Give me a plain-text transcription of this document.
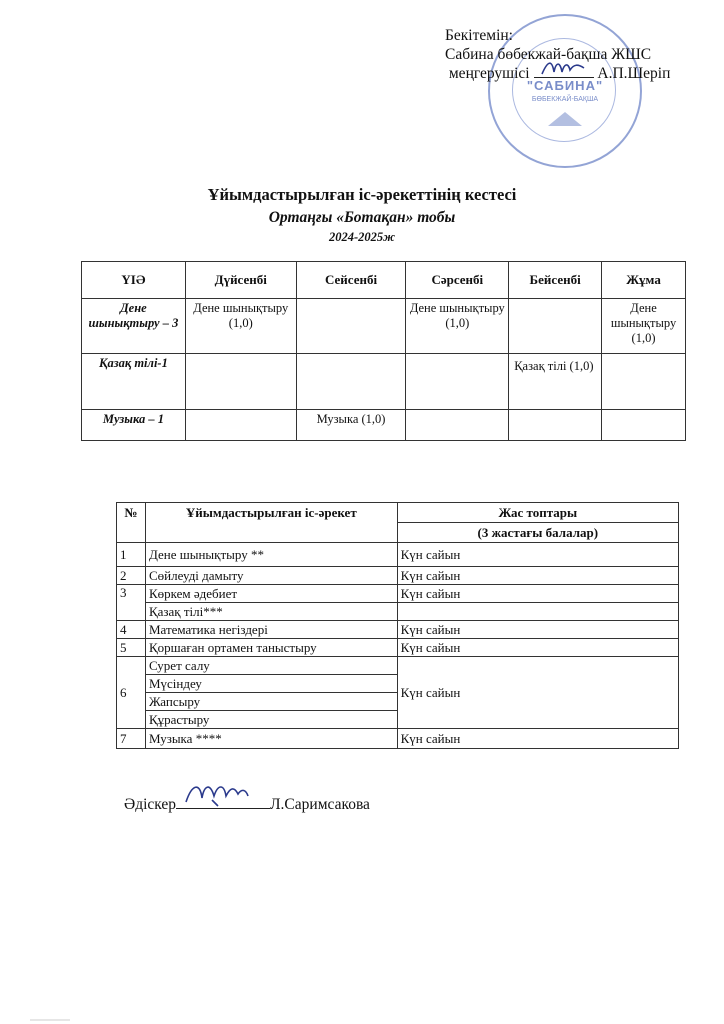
"САБИНА"
БӨБЕКЖАЙ-БАҚША
Бекітемін:
Сабина бөбекжай-бақша ЖШС
меңгерушісі	А.П.Шеріп
Ұйымдастырылған іс-әрекеттінің кестесі
Ортаңғы «Ботақан» тобы
2024-2025ж
ҮІӘ	Дүйсенбі	Сейсенбі	Сәрсенбі	Бейсенбі	Жұма
Дене шынықтыру – 3	Дене шынықтыру (1,0)		Дене шынықтыру (1,0)		Дене шынықтыру (1,0)
Қазақ тілі-1				Қазақ тілі (1,0)	
Музыка – 1		Музыка (1,0)			
№	Ұйымдастырылған іс-әрекет	Жас топтары
		(3 жастағы балалар)
1	Дене шынықтыру **	Күн сайын
2	Сөйлеуді дамыту	Күн сайын
3	Көркем әдебиет	Күн сайын
	Қазақ тілі***	
4	Математика негіздері	Күн сайын
5	Қоршаған ортамен таныстыру	Күн сайын
6	Сурет салу	Күн сайын
	Мүсіндеу	
	Жапсыру	
	Құрастыру	
7	Музыка ****	Күн сайын
Әдіскер	Л.Саримсакова
